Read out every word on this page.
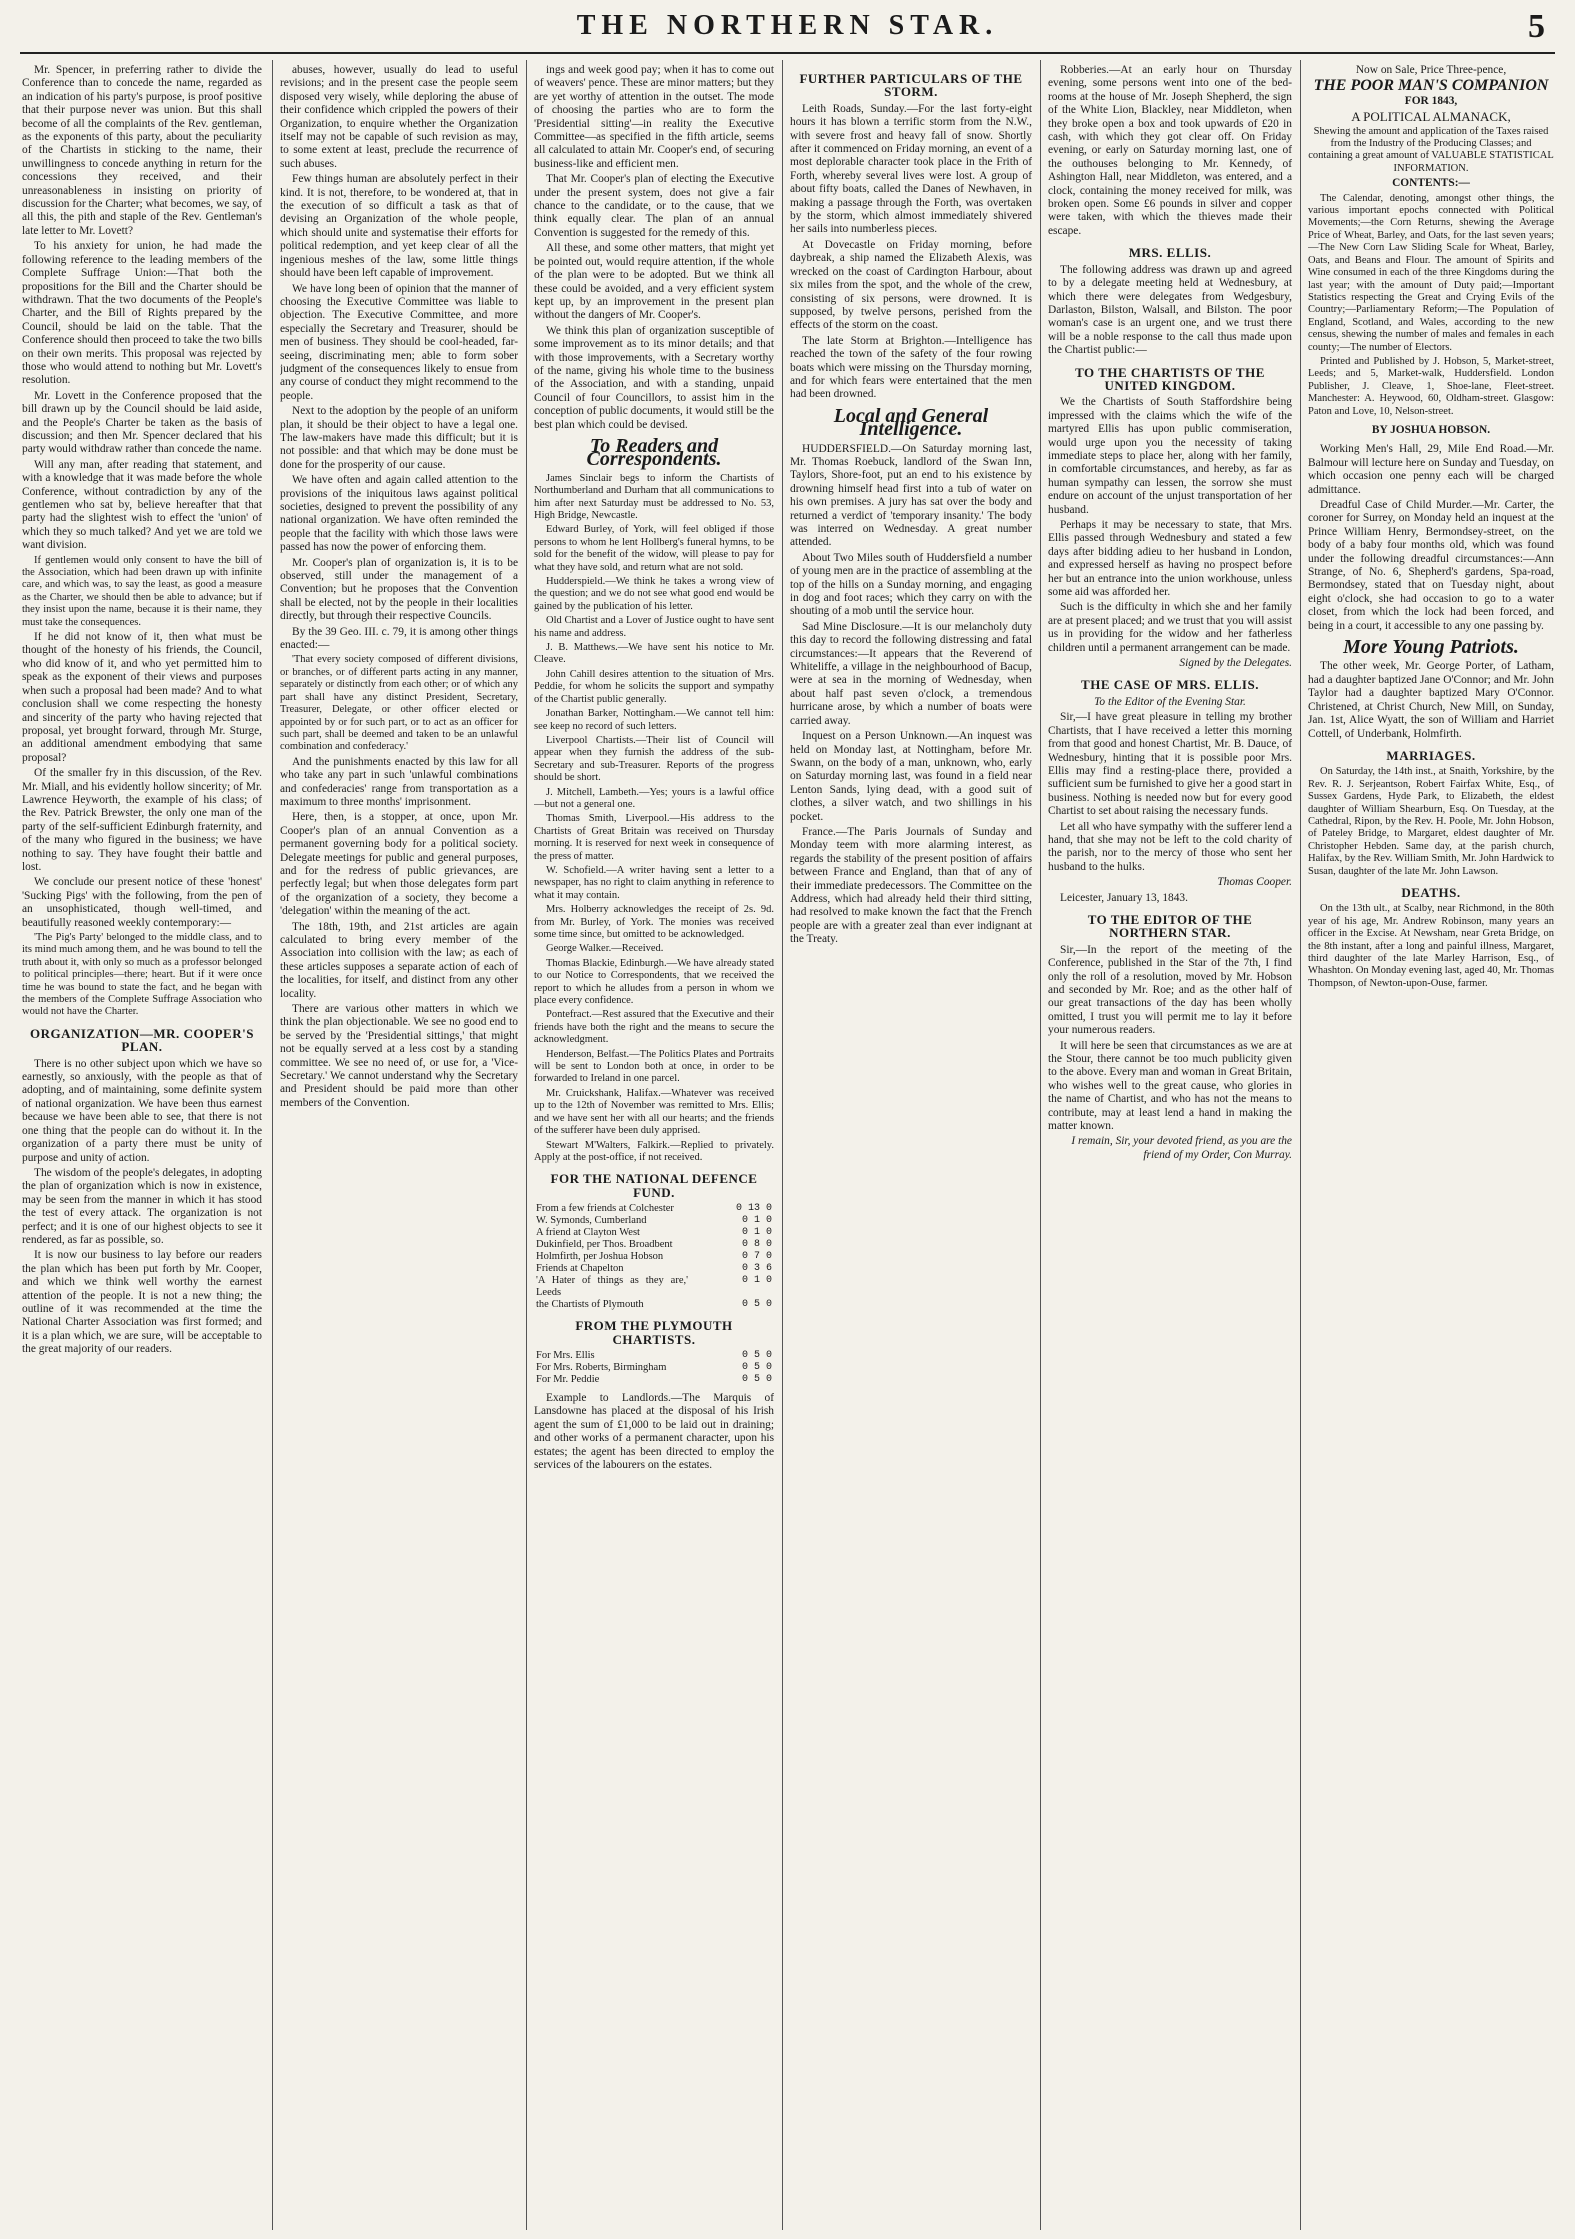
THE NORTHERN STAR.	5

Mr. Spencer, in preferring rather to divide the Conference than to concede the name, regarded as an indication of his party's purpose, is proof positive that their purpose never was union. But this shall become of all the complaints of the Rev. gentleman, as the exponents of this party, about the peculiarity of the Chartists in sticking to the name, their unwillingness to concede anything in return for the concessions they received, and their unreasonableness in insisting on priority of discussion for the Charter; what becomes, we say, of all this, the pith and staple of the Rev. Gentleman's late letter to Mr. Lovett?

To his anxiety for union, he had made the following reference to the leading members of the Complete Suffrage Union:—That both the propositions for the Bill and the Charter should be withdrawn. That the two documents of the People's Charter, and the Bill of Rights prepared by the Council, should be laid on the table. That the Conference should then proceed to take the two bills on their own merits. This proposal was rejected by those who would attend to nothing but Mr. Lovett's resolution.

Mr. Lovett in the Conference proposed that the bill drawn up by the Council should be laid aside, and the People's Charter be taken as the basis of discussion; and then Mr. Spencer declared that his party would withdraw rather than concede the name.

Will any man, after reading that statement, and with a knowledge that it was made before the whole Conference, without contradiction by any of the gentlemen who sat by, believe hereafter that that party had the slightest wish to effect the 'union' of which they so much talked? And yet we are told we want division.

If gentlemen would only consent to have the bill of the Association, which had been drawn up with infinite care, and which was, to say the least, as good a measure as the Charter, we should then be able to advance; but if they insist upon the name, because it is their name, they must take the consequences.

If he did not know of it, then what must be thought of the honesty of his friends, the Council, who did know of it, and who yet permitted him to speak as the exponent of their views and purposes when such a proposal had been made? And to what conclusion shall we come respecting the honesty and sincerity of the party who having rejected that proposal, yet brought forward, through Mr. Sturge, an additional amendment embodying that same proposal?

Of the smaller fry in this discussion, of the Rev. Mr. Miall, and his evidently hollow sincerity; of Mr. Lawrence Heyworth, the example of his class; of the Rev. Patrick Brewster, the only one man of the party of the self-sufficient Edinburgh fraternity, and of the many who figured in the business; we have nothing to say. They have fought their battle and lost.

We conclude our present notice of these 'honest' 'Sucking Pigs' with the following, from the pen of an unsophisticated, though well-timed, and beautifully reasoned weekly contemporary:—

'The Pig's Party' belonged to the middle class, and to its mind much among them, and he was bound to tell the truth about it, with only so much as a professor belonged to political principles—there; heart. But if it were once time he was bound to state the fact, and he began with the members of the Complete Suffrage Association who would not have the Charter.

ORGANIZATION—MR. COOPER'S PLAN.

There is no other subject upon which we have so earnestly, so anxiously, with the people as that of adopting, and of maintaining, some definite system of national organization. We have been thus earnest because we have been able to see, that there is not one thing that the people can do without it. In the organization of a party there must be unity of purpose and unity of action.

The wisdom of the people's delegates, in adopting the plan of organization which is now in existence, may be seen from the manner in which it has stood the test of every attack. The organization is not perfect; and it is one of our highest objects to see it rendered, as far as possible, so.

It is now our business to lay before our readers the plan which has been put forth by Mr. Cooper, and which we think well worthy the earnest attention of the people. It is not a new thing; the outline of it was recommended at the time the National Charter Association was first formed; and it is a plan which, we are sure, will be acceptable to the great majority of our readers.

abuses, however, usually do lead to useful revisions; and in the present case the people seem disposed very wisely, while deploring the abuse of their confidence which crippled the powers of their Organization, to enquire whether the Organization itself may not be capable of such revision as may, to some extent at least, preclude the recurrence of such abuses.

Few things human are absolutely perfect in their kind. It is not, therefore, to be wondered at, that in the execution of so difficult a task as that of devising an Organization of the whole people, which should unite and systematise their efforts for political redemption, and yet keep clear of all the ingenious meshes of the law, some little things should have been left capable of improvement.

We have long been of opinion that the manner of choosing the Executive Committee was liable to objection. The Executive Committee, and more especially the Secretary and Treasurer, should be men of business. They should be cool-headed, far-seeing, discriminating men; able to form sober judgment of the consequences likely to ensue from any course of conduct they might recommend to the people.

Next to the adoption by the people of an uniform plan, it should be their object to have a legal one. The law-makers have made this difficult; but it is not possible: and that which may be done must be done for the prosperity of our cause.

We have often and again called attention to the provisions of the iniquitous laws against political societies, designed to prevent the possibility of any national organization. We have often reminded the people that the facility with which those laws were passed has now the power of enforcing them.

Mr. Cooper's plan of organization is, it is to be observed, still under the management of a Convention; but he proposes that the Convention shall be elected, not by the people in their localities directly, but through their respective Councils.

By the 39 Geo. III. c. 79, it is among other things enacted:—

'That every society composed of different divisions, or branches, or of different parts acting in any manner, separately or distinctly from each other; or of which any part shall have any distinct President, Secretary, Treasurer, Delegate, or other officer elected or appointed by or for such part, or to act as an officer for such part, shall be deemed and taken to be an unlawful combination and confederacy.'

And the punishments enacted by this law for all who take any part in such 'unlawful combinations and confederacies' range from transportation as a maximum to three months' imprisonment.

Here, then, is a stopper, at once, upon Mr. Cooper's plan of an annual Convention as a permanent governing body for a political society. Delegate meetings for public and general purposes, and for the redress of public grievances, are perfectly legal; but when those delegates form part of the organization of a society, they become a 'delegation' within the meaning of the act.

The 18th, 19th, and 21st articles are again calculated to bring every member of the Association into collision with the law; as each of these articles supposes a separate action of each of the localities, for itself, and distinct from any other locality.

There are various other matters in which we think the plan objectionable. We see no good end to be served by the 'Presidential sittings,' that might not be equally served at a less cost by a standing committee. We see no need of, or use for, a 'Vice-Secretary.' We cannot understand why the Secretary and President should be paid more than other members of the Convention.

ings and week good pay; when it has to come out of weavers' pence. These are minor matters; but they are yet worthy of attention in the outset. The mode of choosing the parties who are to form the 'Presidential sitting'—in reality the Executive Committee—as specified in the fifth article, seems all calculated to attain Mr. Cooper's end, of securing business-like and efficient men.

That Mr. Cooper's plan of electing the Executive under the present system, does not give a fair chance to the candidate, or to the cause, that we think equally clear. The plan of an annual Convention is suggested for the remedy of this.

All these, and some other matters, that might yet be pointed out, would require attention, if the whole of the plan were to be adopted. But we think all these could be avoided, and a very efficient system kept up, by an improvement in the present plan without the dangers of Mr. Cooper's.

We think this plan of organization susceptible of some improvement as to its minor details; and that with those improvements, with a Secretary worthy of the name, giving his whole time to the business of the Association, and with a standing, unpaid Council of four Councillors, to assist him in the conception of public documents, it would still be the best plan which could be devised.

To Readers and Correspondents.

James Sinclair begs to inform the Chartists of Northumberland and Durham that all communications to him after next Saturday must be addressed to No. 53, High Bridge, Newcastle.

Edward Burley, of York, will feel obliged if those persons to whom he lent Hollberg's funeral hymns, to be sold for the benefit of the widow, will please to pay for what they have sold, and return what are not sold.

Hudderspield.—We think he takes a wrong view of the question; and we do not see what good end would be gained by the publication of his letter.

Old Chartist and a Lover of Justice ought to have sent his name and address.

J. B. Matthews.—We have sent his notice to Mr. Cleave.

John Cahill desires attention to the situation of Mrs. Peddie, for whom he solicits the support and sympathy of the Chartist public generally.

Jonathan Barker, Nottingham.—We cannot tell him: see keep no record of such letters.

Liverpool Chartists.—Their list of Council will appear when they furnish the address of the sub-Secretary and sub-Treasurer. Reports of the progress should be short.

J. Mitchell, Lambeth.—Yes; yours is a lawful office—but not a general one.

Thomas Smith, Liverpool.—His address to the Chartists of Great Britain was received on Thursday morning. It is reserved for next week in consequence of the press of matter.

W. Schofield.—A writer having sent a letter to a newspaper, has no right to claim anything in reference to what it may contain.

Mrs. Holberry acknowledges the receipt of 2s. 9d. from Mr. Burley, of York. The monies was received some time since, but omitted to be acknowledged.

George Walker.—Received.

Thomas Blackie, Edinburgh.—We have already stated to our Notice to Correspondents, that we received the report to which he alludes from a person in whom we place every confidence.

Pontefract.—Rest assured that the Executive and their friends have both the right and the means to secure the acknowledgment.

Henderson, Belfast.—The Politics Plates and Portraits will be sent to London both at once, in order to be forwarded to Ireland in one parcel.

Mr. Cruickshank, Halifax.—Whatever was received up to the 12th of November was remitted to Mrs. Ellis; and we have sent her with all our hearts; and the friends of the sufferer have been duly apprised.

Stewart M'Walters, Falkirk.—Replied to privately. Apply at the post-office, if not received.

FOR THE NATIONAL DEFENCE FUND.
From a few friends at Colchester	0 13 0
W. Symonds, Cumberland	0 1 0
A friend at Clayton West	0 1 0
Dukinfield, per Thos. Broadbent	0 8 0
Holmfirth, per Joshua Hobson	0 7 0
Friends at Chapelton	0 3 6
'A Hater of things as they are,' Leeds	0 1 0
the Chartists of Plymouth	0 5 0
FROM THE PLYMOUTH CHARTISTS.
For Mrs. Ellis	0 5 0
For Mrs. Roberts, Birmingham	0 5 0
For Mr. Peddie	0 5 0

Example to Landlords.—The Marquis of Lansdowne has placed at the disposal of his Irish agent the sum of £1,000 to be laid out in draining; and other works of a permanent character, upon his estates; the agent has been directed to employ the services of the labourers on the estates.

FURTHER PARTICULARS OF THE STORM.

Leith Roads, Sunday.—For the last forty-eight hours it has blown a terrific storm from the N.W., with severe frost and heavy fall of snow. Shortly after it commenced on Friday morning, an event of a most deplorable character took place in the Frith of Forth, whereby several lives were lost. A group of about fifty boats, called the Danes of Newhaven, in making a passage through the Forth, was overtaken by the storm, which almost immediately shivered her sails into numberless pieces.

At Dovecastle on Friday morning, before daybreak, a ship named the Elizabeth Alexis, was wrecked on the coast of Cardington Harbour, about six miles from the spot, and the whole of the crew, consisting of six persons, were drowned. It is supposed, by twelve persons, perished from the effects of the storm on the coast.

The late Storm at Brighton.—Intelligence has reached the town of the safety of the four rowing boats which were missing on the Thursday morning, and for which fears were entertained that the men had been drowned.

Local and General Intelligence.

HUDDERSFIELD.—On Saturday morning last, Mr. Thomas Roebuck, landlord of the Swan Inn, Taylors, Shore-foot, put an end to his existence by drowning himself head first into a tub of water on his own premises. A jury has sat over the body and returned a verdict of 'temporary insanity.' The body was interred on Wednesday. A great number attended.

About Two Miles south of Huddersfield a number of young men are in the practice of assembling at the top of the hills on a Sunday morning, and engaging in dog and foot races; which they carry on with the shouting of a mob until the service hour.

Sad Mine Disclosure.—It is our melancholy duty this day to record the following distressing and fatal circumstances:—It appears that the Reverend of Whiteliffe, a village in the neighbourhood of Bacup, were at sea in the morning of Wednesday, when about half past seven o'clock, a tremendous hurricane arose, by which a number of boats were carried away.

Inquest on a Person Unknown.—An inquest was held on Monday last, at Nottingham, before Mr. Swann, on the body of a man, unknown, who, early on Saturday morning last, was found in a field near Lenton Sands, lying dead, with a good suit of clothes, a silver watch, and two shillings in his pocket.

France.—The Paris Journals of Sunday and Monday teem with more alarming interest, as regards the stability of the present position of affairs between France and England, than that of any of their immediate predecessors. The Committee on the Address, which had already held their third sitting, had resolved to make known the fact that the French people are with a greater zeal than ever indignant at the Treaty.

Robberies.—At an early hour on Thursday evening, some persons went into one of the bed-rooms at the house of Mr. Joseph Shepherd, the sign of the White Lion, Blackley, near Middleton, when they broke open a box and took upwards of £20 in cash, with which they got clear off. On Friday evening, or early on Saturday morning last, one of the outhouses belonging to Mr. Kennedy, of Ashington Hall, near Middleton, was entered, and a clock, containing the money received for milk, was broken open. Some £6 pounds in silver and copper were taken, with which the thieves made their escape.

MRS. ELLIS.

The following address was drawn up and agreed to by a delegate meeting held at Wednesbury, at which there were delegates from Wedgesbury, Darlaston, Bilston, Walsall, and Bilston. The poor woman's case is an urgent one, and we trust there will be a noble response to the call thus made upon the Chartist public:—

TO THE CHARTISTS OF THE UNITED KINGDOM.

We the Chartists of South Staffordshire being impressed with the claims which the wife of the martyred Ellis has upon public commiseration, would urge upon you the necessity of taking immediate steps to place her, along with her family, in comfortable circumstances, and hereby, as far as human sympathy can lessen, the sorrow she must endure on account of the unjust transportation of her husband.

Perhaps it may be necessary to state, that Mrs. Ellis passed through Wednesbury and stated a few days after bidding adieu to her husband in London, and expressed herself as having no prospect before her but an entrance into the union workhouse, unless some aid was afforded her.

Such is the difficulty in which she and her family are at present placed; and we trust that you will assist us in providing for the widow and her fatherless children until a permanent arrangement can be made.

Signed by the Delegates.

THE CASE OF MRS. ELLIS.

To the Editor of the Evening Star.

Sir,—I have great pleasure in telling my brother Chartists, that I have received a letter this morning from that good and honest Chartist, Mr. B. Dauce, of Wednesbury, hinting that it is possible poor Mrs. Ellis may find a resting-place there, provided a sufficient sum be furnished to give her a good start in business. Nothing is needed now but for every good Chartist to set about raising the necessary funds.

Let all who have sympathy with the sufferer lend a hand, that she may not be left to the cold charity of the parish, nor to the mercy of those who sent her husband to the hulks.

Thomas Cooper.

Leicester, January 13, 1843.

TO THE EDITOR OF THE NORTHERN STAR.

Sir,—In the report of the meeting of the Conference, published in the Star of the 7th, I find only the roll of a resolution, moved by Mr. Hobson and seconded by Mr. Roe; and as the other half of our great transactions of the day has been wholly omitted, I trust you will permit me to lay it before your numerous readers.

It will here be seen that circumstances as we are at the Stour, there cannot be too much publicity given to the above. Every man and woman in Great Britain, who wishes well to the great cause, who glories in the name of Chartist, and who has not the means to contribute, may at least lend a hand in making the matter known.

I remain, Sir, your devoted friend, as you are the friend of my Order, Con Murray.

Now on Sale, Price Three-pence,

THE POOR MAN'S COMPANION

FOR 1843,

A POLITICAL ALMANACK,

Shewing the amount and application of the Taxes raised from the Industry of the Producing Classes; and containing a great amount of VALUABLE STATISTICAL INFORMATION.

CONTENTS:—

The Calendar, denoting, amongst other things, the various important epochs connected with Political Movements;—the Corn Returns, shewing the Average Price of Wheat, Barley, and Oats, for the last seven years;—The New Corn Law Sliding Scale for Wheat, Barley, Oats, and Beans and Flour. The amount of Spirits and Wine consumed in each of the three Kingdoms during the last year; with the amount of Duty paid;—Important Statistics respecting the Great and Crying Evils of the Country;—Parliamentary Reform;—The Population of England, Scotland, and Wales, according to the new census, shewing the number of males and females in each county;—The number of Electors.

Printed and Published by J. Hobson, 5, Market-street, Leeds; and 5, Market-walk, Huddersfield. London Publisher, J. Cleave, 1, Shoe-lane, Fleet-street. Manchester: A. Heywood, 60, Oldham-street. Glasgow: Paton and Love, 10, Nelson-street.

BY JOSHUA HOBSON.

Working Men's Hall, 29, Mile End Road.—Mr. Balmour will lecture here on Sunday and Tuesday, on which occasion one penny each will be charged admittance.

Dreadful Case of Child Murder.—Mr. Carter, the coroner for Surrey, on Monday held an inquest at the Prince William Henry, Bermondsey-street, on the body of a baby four months old, which was found under the following dreadful circumstances:—Ann Strange, of No. 6, Shepherd's gardens, Spa-road, Bermondsey, stated that on Tuesday night, about eight o'clock, she had occasion to go to a water closet, from which the lock had been forced, and being in a court, it accessible to any one passing by.

More Young Patriots.

The other week, Mr. George Porter, of Latham, had a daughter baptized Jane O'Connor; and Mr. John Taylor had a daughter baptized Mary O'Connor. Christened, at Christ Church, New Mill, on Sunday, Jan. 1st, Alice Wyatt, the son of William and Harriet Cottell, of Underbank, Holmfirth.

MARRIAGES.

On Saturday, the 14th inst., at Snaith, Yorkshire, by the Rev. R. J. Serjeantson, Robert Fairfax White, Esq., of Sussex Gardens, Hyde Park, to Elizabeth, the eldest daughter of William Shearburn, Esq. On Tuesday, at the Cathedral, Ripon, by the Rev. H. Poole, Mr. John Hobson, of Pateley Bridge, to Margaret, eldest daughter of Mr. Christopher Hebden. Same day, at the parish church, Halifax, by the Rev. William Smith, Mr. John Hardwick to Susan, daughter of the late Mr. John Lawson.

DEATHS.

On the 13th ult., at Scalby, near Richmond, in the 80th year of his age, Mr. Andrew Robinson, many years an officer in the Excise. At Newsham, near Greta Bridge, on the 8th instant, after a long and painful illness, Margaret, third daughter of the late Marley Harrison, Esq., of Whashton. On Monday evening last, aged 40, Mr. Thomas Thompson, of Newton-upon-Ouse, farmer.
